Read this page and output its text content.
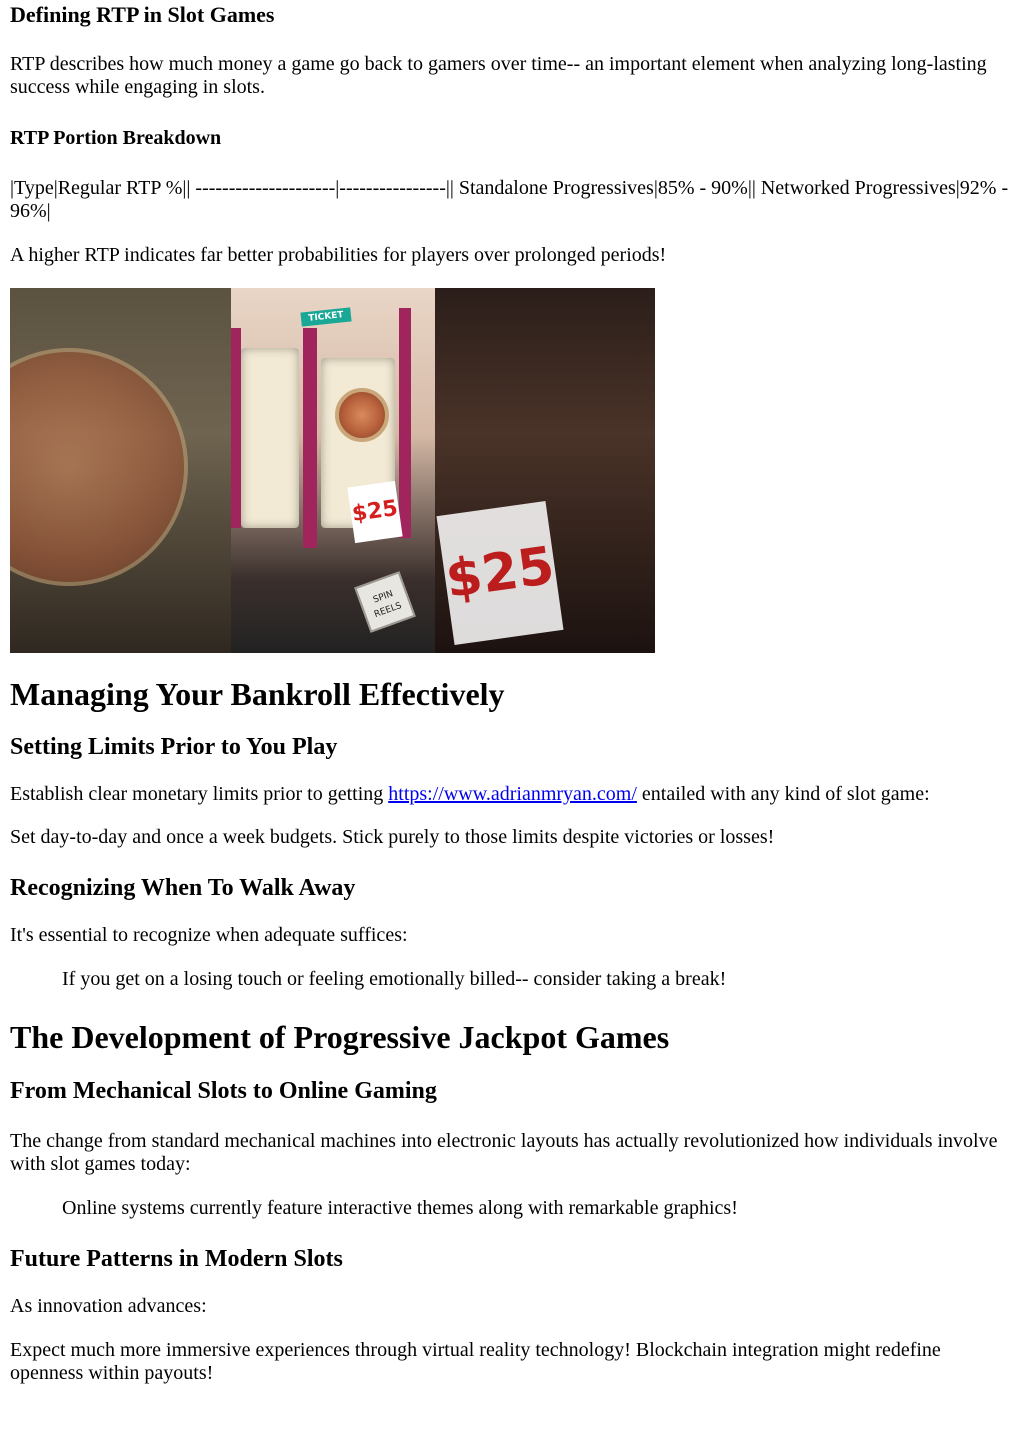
Defining RTP in Slot Games

RTP describes how much money a game go back to gamers over time-- an important element when analyzing long-lasting success while engaging in slots.

RTP Portion Breakdown

|Type|Regular RTP %|| ---------------------|----------------|| Standalone Progressives|85% - 90%|| Networked Progressives|92% - 96%|

A higher RTP indicates far better probabilities for players over prolonged periods!

TICKET
$25
SPIN REELS
$25
Managing Your Bankroll Effectively
Setting Limits Prior to You Play

Establish clear monetary limits prior to getting https://www.adrianmryan.com/ entailed with any kind of slot game:

Set day-to-day and once a week budgets. Stick purely to those limits despite victories or losses!

Recognizing When To Walk Away

It's essential to recognize when adequate suffices:

If you get on a losing touch or feeling emotionally billed-- consider taking a break!
The Development of Progressive Jackpot Games
From Mechanical Slots to Online Gaming

The change from standard mechanical machines into electronic layouts has actually revolutionized how individuals involve with slot games today:

Online systems currently feature interactive themes along with remarkable graphics!
Future Patterns in Modern Slots

As innovation advances:

Expect much more immersive experiences through virtual reality technology! Blockchain integration might redefine openness within payouts!
